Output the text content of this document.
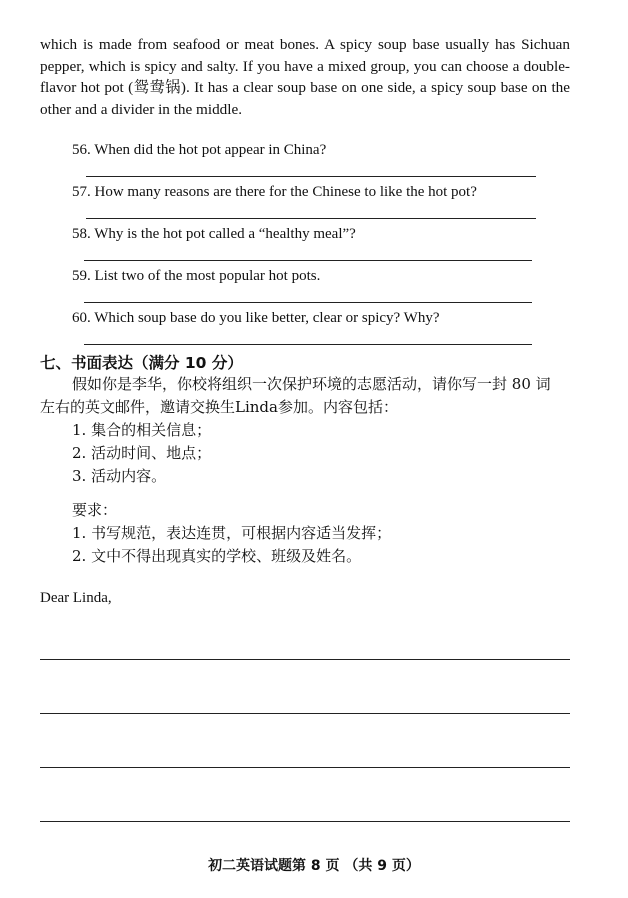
which is made from seafood or meat bones. A spicy soup base usually has Sichuan pepper, which is spicy and salty. If you have a mixed group, you can choose a double-flavor hot pot (鸳鸯锅). It has a clear soup base on one side, a spicy soup base on the other and a divider in the middle.
56. When did the hot pot appear in China?
57. How many reasons are there for the Chinese to like the hot pot?
58. Why is the hot pot called a “healthy meal”?
59. List two of the most popular hot pots.
60. Which soup base do you like better, clear or spicy? Why?
七、书面表达（满分 10 分）
假如你是李华，你校将组织一次保护环境的志愿活动，请你写一封 80 词
左右的英文邮件，邀请交换生Linda参加。内容包括：
1. 集合的相关信息；
2. 活动时间、地点；
3. 活动内容。
要求：
1. 书写规范，表达连贯，可根据内容适当发挥；
2. 文中不得出现真实的学校、班级及姓名。
Dear Linda,
初二英语试题第 8 页 （共 9 页）
